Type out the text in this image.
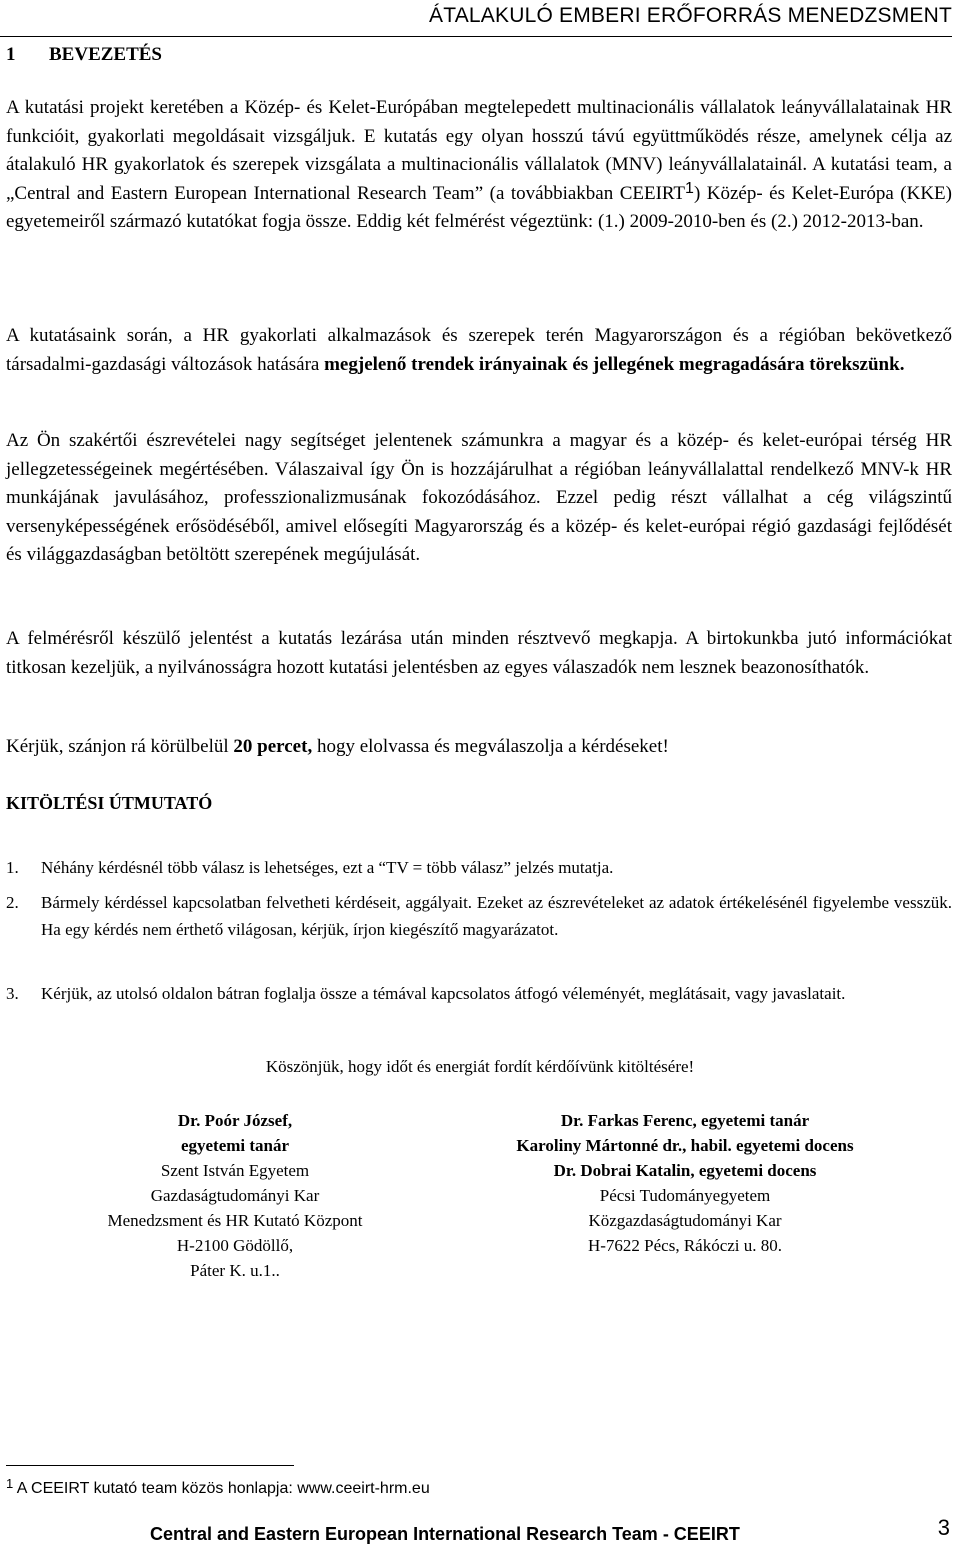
ÁTALAKULÓ EMBERI ERŐFORRÁS MENEDZSMENT
1 BEVEZETÉS

A kutatási projekt keretében a Közép- és Kelet-Európában megtelepedett multinacionális vállalatok leányvállalatainak HR funkcióit, gyakorlati megoldásait vizsgáljuk. E kutatás egy olyan hosszú távú együttműködés része, amelynek célja az átalakuló HR gyakorlatok és szerepek vizsgálata a multinacionális vállalatok (MNV) leányvállalatainál. A kutatási team, a „Central and Eastern European International Research Team” (a továbbiakban CEEIRT$^1$) Közép- és Kelet-Európa (KKE) egyetemeiről származó kutatókat fogja össze. Eddig két felmérést végeztünk: (1.) 2009-2010-ben és (2.) 2012-2013-ban.

A kutatásaink során, a HR gyakorlati alkalmazások és szerepek terén Magyarországon és a régióban bekövetkező társadalmi-gazdasági változások hatására megjelenő trendek irányainak és jellegének megragadására törekszünk.

Az Ön szakértői észrevételei nagy segítséget jelentenek számunkra a magyar és a közép- és kelet-európai térség HR jellegzetességeinek megértésében. Válaszaival így Ön is hozzájárulhat a régióban leányvállalattal rendelkező MNV-k HR munkájának javulásához, professzionalizmusának fokozódásához. Ezzel pedig részt vállalhat a cég világszintű versenyképességének erősödéséből, amivel elősegíti Magyarország és a közép- és kelet-európai régió gazdasági fejlődését és világgazdaságban betöltött szerepének megújulását.

A felmérésről készülő jelentést a kutatás lezárása után minden résztvevő megkapja. A birtokunkba jutó információkat titkosan kezeljük, a nyilvánosságra hozott kutatási jelentésben az egyes válaszadók nem lesznek beazonosíthatók.

Kérjük, szánjon rá körülbelül 20 percet, hogy elolvassa és megválaszolja a kérdéseket!

KITÖLTÉSI ÚTMUTATÓ
1. Néhány kérdésnél több válasz is lehetséges, ezt a “TV = több válasz” jelzés mutatja.
2. Bármely kérdéssel kapcsolatban felvetheti kérdéseit, aggályait. Ezeket az észrevételeket az adatok értékelésénél figyelembe vesszük. Ha egy kérdés nem érthető világosan, kérjük, írjon kiegészítő magyarázatot.
3. Kérjük, az utolsó oldalon bátran foglalja össze a témával kapcsolatos átfogó véleményét, meglátásait, vagy javaslatait.
Köszönjük, hogy időt és energiát fordít kérdőívünk kitöltésére!
Dr. Poór József,
egyetemi tanár
Szent István Egyetem
Gazdaságtudományi Kar
Menedzsment és HR Kutató Központ
H-2100 Gödöllő,
Páter K. u.1..
Dr. Farkas Ferenc, egyetemi tanár
Karoliny Mártonné dr., habil. egyetemi docens
Dr. Dobrai Katalin, egyetemi docens
Pécsi Tudományegyetem
Közgazdaságtudományi Kar
H-7622 Pécs, Rákóczi u. 80.
$^1$ A CEEIRT kutató team közös honlapja: www.ceeirt-hrm.eu
Central and Eastern European International Research Team - CEEIRT	3
